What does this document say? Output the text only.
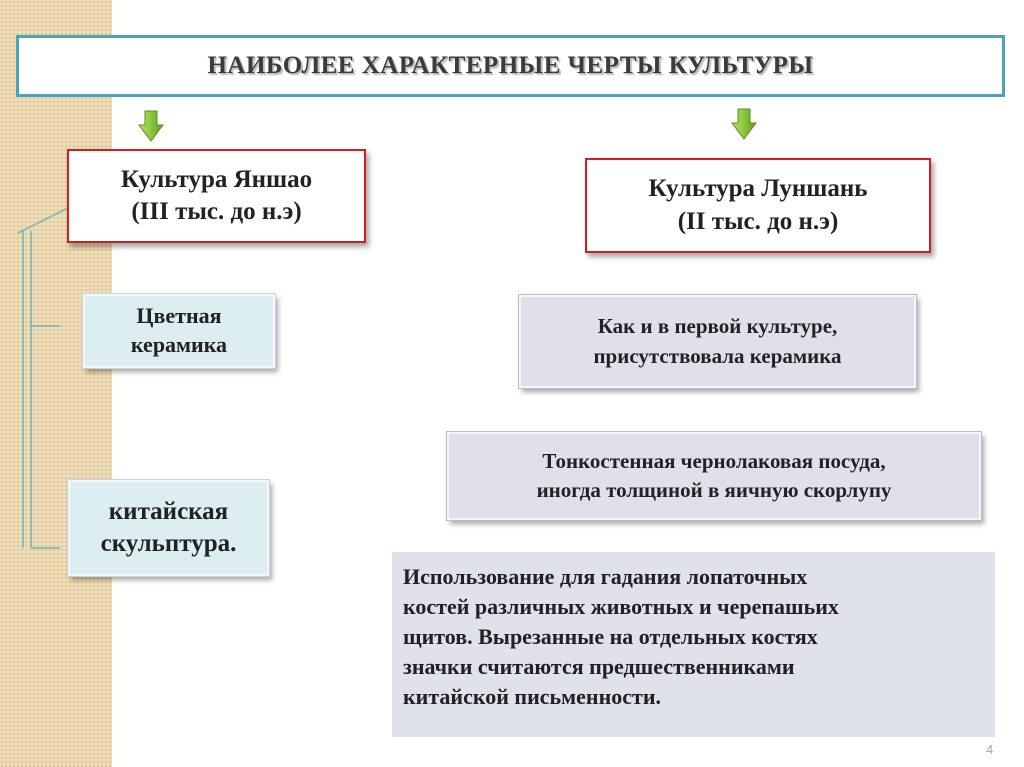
НАИБОЛЕЕ ХАРАКТЕРНЫЕ ЧЕРТЫ КУЛЬТУРЫ
Культура Яншао
(III тыс. до н.э)
Культура Луншань
(II тыс. до н.э)
Цветная
керамика
китайская
скульптура.
Как и в первой культуре,
присутствовала керамика
Тонкостенная чернолаковая посуда,
иногда толщиной в яичную скорлупу
Использование для гадания лопаточных
костей различных животных и черепашьих
щитов. Вырезанные на отдельных костях
значки считаются предшественниками
китайской письменности.
4
